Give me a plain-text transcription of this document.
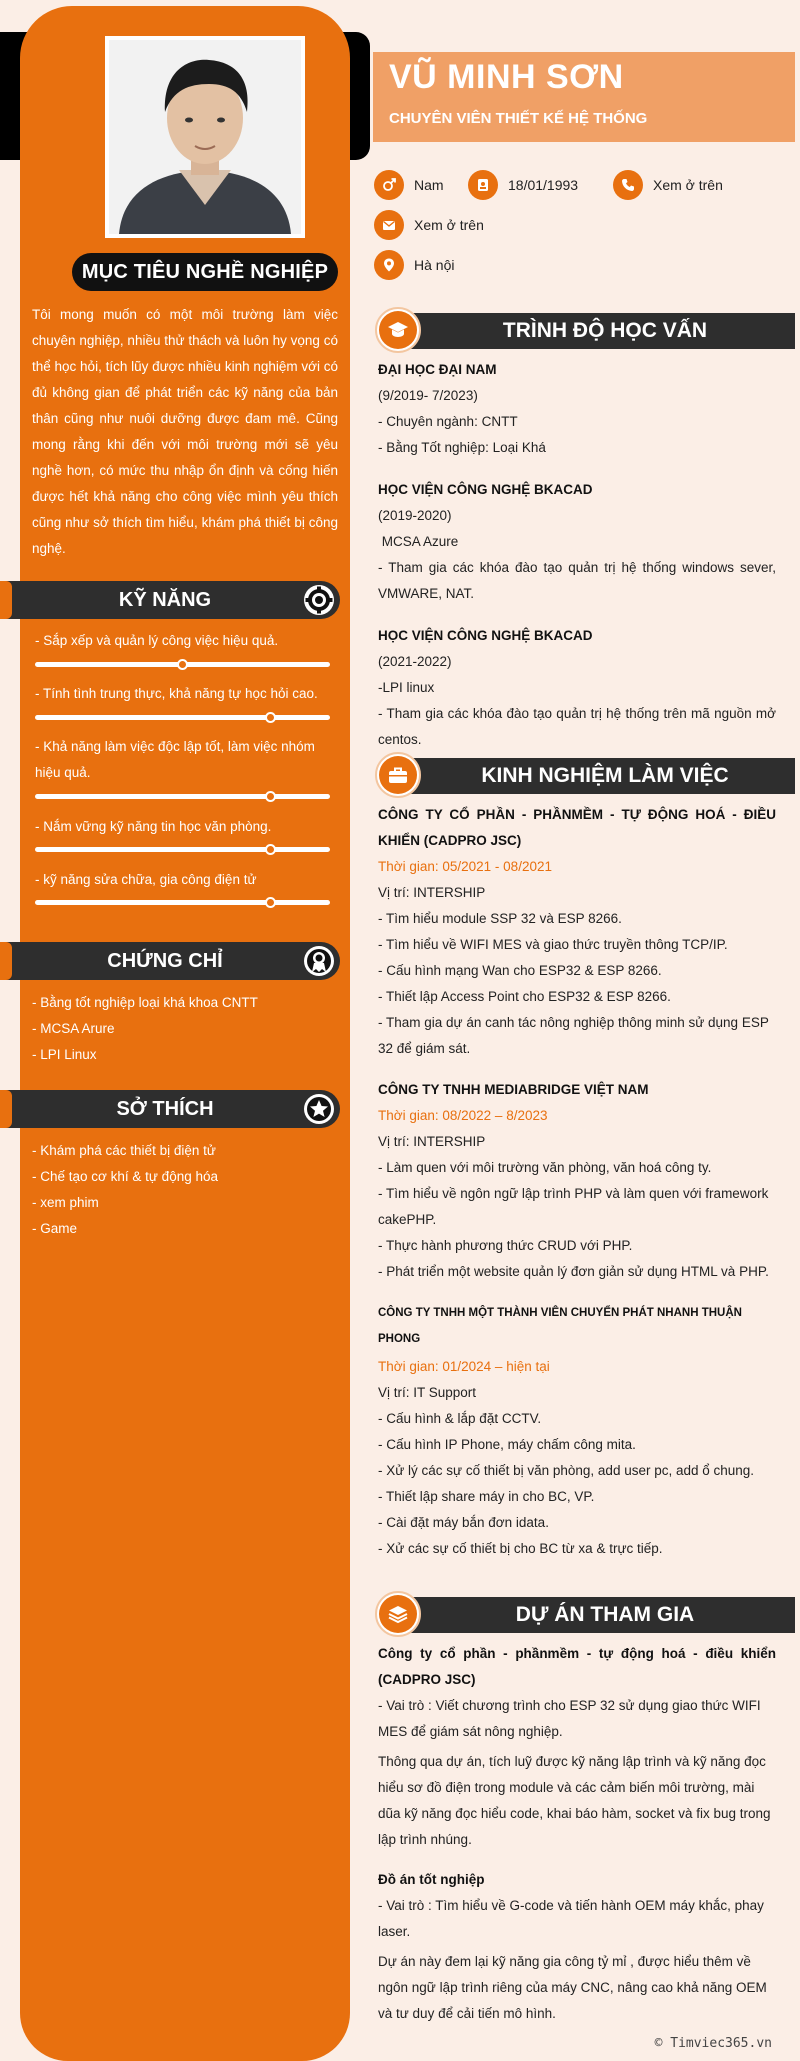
MỤC TIÊU NGHỀ NGHIỆP
Tôi mong muốn có một môi trường làm việc chuyên nghiệp, nhiều thử thách và luôn hy vọng có thể học hỏi, tích lũy được nhiều kinh nghiệm với có đủ không gian để phát triển các kỹ năng của bản thân cũng như nuôi dưỡng được đam mê. Cũng mong rằng khi đến với môi trường mới sẽ yêu nghề hơn, có mức thu nhập ổn định và cống hiến được hết khả năng cho công việc mình yêu thích cũng như sở thích tìm hiểu, khám phá thiết bị công nghệ.
KỸ NĂNG
- Sắp xếp và quản lý công việc hiệu quả.
- Tính tình trung thực, khả năng tự học hỏi cao.
- Khả năng làm việc độc lập tốt, làm việc nhóm hiệu quả.
- Nắm vững kỹ năng tin học văn phòng.
- kỹ năng sửa chữa, gia công điện tử
CHỨNG CHỈ
- Bằng tốt nghiệp loại khá khoa CNTT
- MCSA Arure
- LPI Linux
SỞ THÍCH
- Khám phá các thiết bị điện tử
- Chế tạo cơ khí & tự động hóa
- xem phim
- Game
VŨ MINH SƠN
CHUYÊN VIÊN THIẾT KẾ HỆ THỐNG
Nam	18/01/1993	Xem ở trên
Xem ở trên
Hà nội
TRÌNH ĐỘ HỌC VẤN
ĐẠI HỌC ĐẠI NAM
(9/2019- 7/2023)
- Chuyên ngành: CNTT
- Bằng Tốt nghiệp: Loại Khá
HỌC VIỆN CÔNG NGHỆ BKACAD
(2019-2020)
MCSA Azure
- Tham gia các khóa đào tạo quản trị hệ thống windows sever, VMWARE, NAT.
HỌC VIỆN CÔNG NGHỆ BKACAD
(2021-2022)
-LPI linux
- Tham gia các khóa đào tạo quản trị hệ thống trên mã nguồn mở centos.
KINH NGHIỆM LÀM VIỆC
CÔNG TY CỔ PHẦN - PHẦNMỀM - TỰ ĐỘNG HOÁ - ĐIỀU KHIỂN (CADPRO JSC)
Thời gian: 05/2021 - 08/2021
Vị trí: INTERSHIP
- Tìm hiểu module SSP 32 và ESP 8266.
- Tìm hiểu về WIFI MES và giao thức truyền thông TCP/IP.
- Cấu hình mạng Wan cho ESP32 & ESP 8266.
- Thiết lập Access Point cho ESP32 & ESP 8266.
- Tham gia dự án canh tác nông nghiệp thông minh sử dụng ESP 32 để giám sát.
CÔNG TY TNHH MEDIABRIDGE VIỆT NAM
Thời gian: 08/2022 – 8/2023
Vị trí: INTERSHIP
- Làm quen với môi trường văn phòng, văn hoá công ty.
- Tìm hiểu về ngôn ngữ lập trình PHP và làm quen với framework cakePHP.
- Thực hành phương thức CRUD với PHP.
- Phát triển một website quản lý đơn giản sử dụng HTML và PHP.
CÔNG TY TNHH MỘT THÀNH VIÊN CHUYỂN PHÁT NHANH THUẬN PHONG
Thời gian: 01/2024 – hiện tại
Vị trí: IT Support
- Cấu hình & lắp đặt CCTV.
- Cấu hình IP Phone, máy chấm công mita.
- Xử lý các sự cố thiết bị văn phòng, add user pc, add ổ chung.
- Thiết lập share máy in cho BC, VP.
- Cài đặt máy bắn đơn idata.
- Xử các sự cố thiết bị cho BC từ xa & trực tiếp.
DỰ ÁN THAM GIA
Công ty cổ phần - phầnmềm - tự động hoá - điều khiển (CADPRO JSC)
- Vai trò : Viết chương trình cho ESP 32 sử dụng giao thức WIFI MES để giám sát nông nghiệp.
Thông qua dự án, tích luỹ được kỹ năng lập trình và kỹ năng đọc hiểu sơ đồ điện trong module và các cảm biến môi trường, mài dũa kỹ năng đọc hiểu code, khai báo hàm, socket và fix bug trong lập trình nhúng.
Đồ án tốt nghiệp
- Vai trò : Tìm hiểu về G-code và tiến hành OEM máy khắc, phay laser.
Dự án này đem lại kỹ năng gia công tỷ mỉ , được hiểu thêm về ngôn ngữ lập trình riêng của máy CNC, nâng cao khả năng OEM và tư duy để cải tiến mô hình.
© Timviec365.vn
